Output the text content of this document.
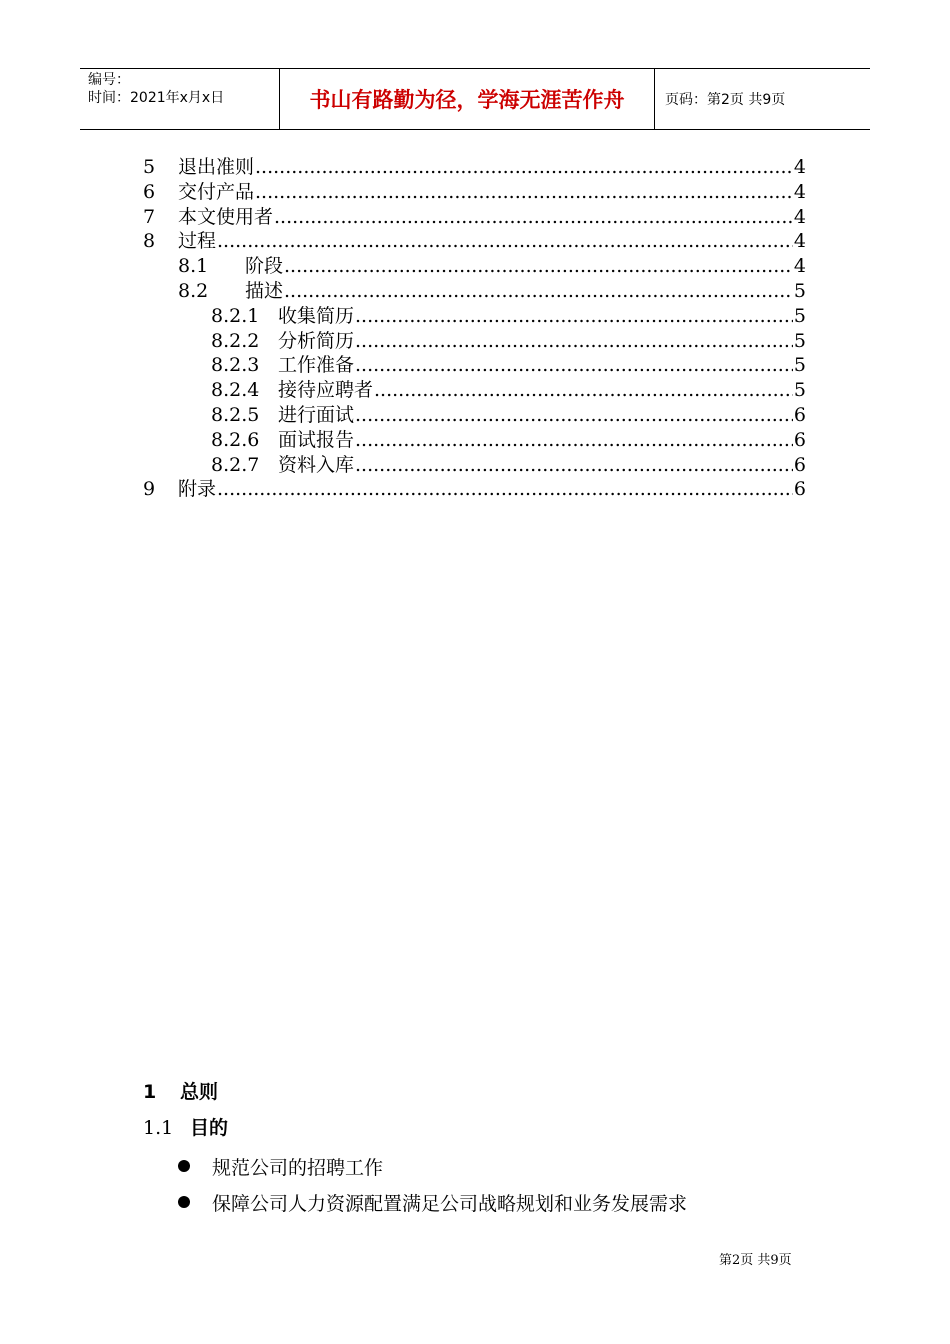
编号：
时间：2021年x月x日	书山有路勤为径，学海无涯苦作舟	页码：第2页 共9页
5	退出准则 .....	4
6	交付产品 .....	4
7	本文使用者 .....	4
8	过程 .....	4
8.1	阶段 .....	4
8.2	描述 .....	5
8.2.1 收集简历 .....	5
8.2.2 分析简历 .....	5
8.2.3 工作准备 .....	5
8.2.4 接待应聘者 .....	5
8.2.5 进行面试 .....	6
8.2.6 面试报告 .....	6
8.2.7 资料入库 .....	6
9	附录 .....	6
1 总则
1.1 目的
规范公司的招聘工作
保障公司人力资源配置满足公司战略规划和业务发展需求
第2页 共9页
